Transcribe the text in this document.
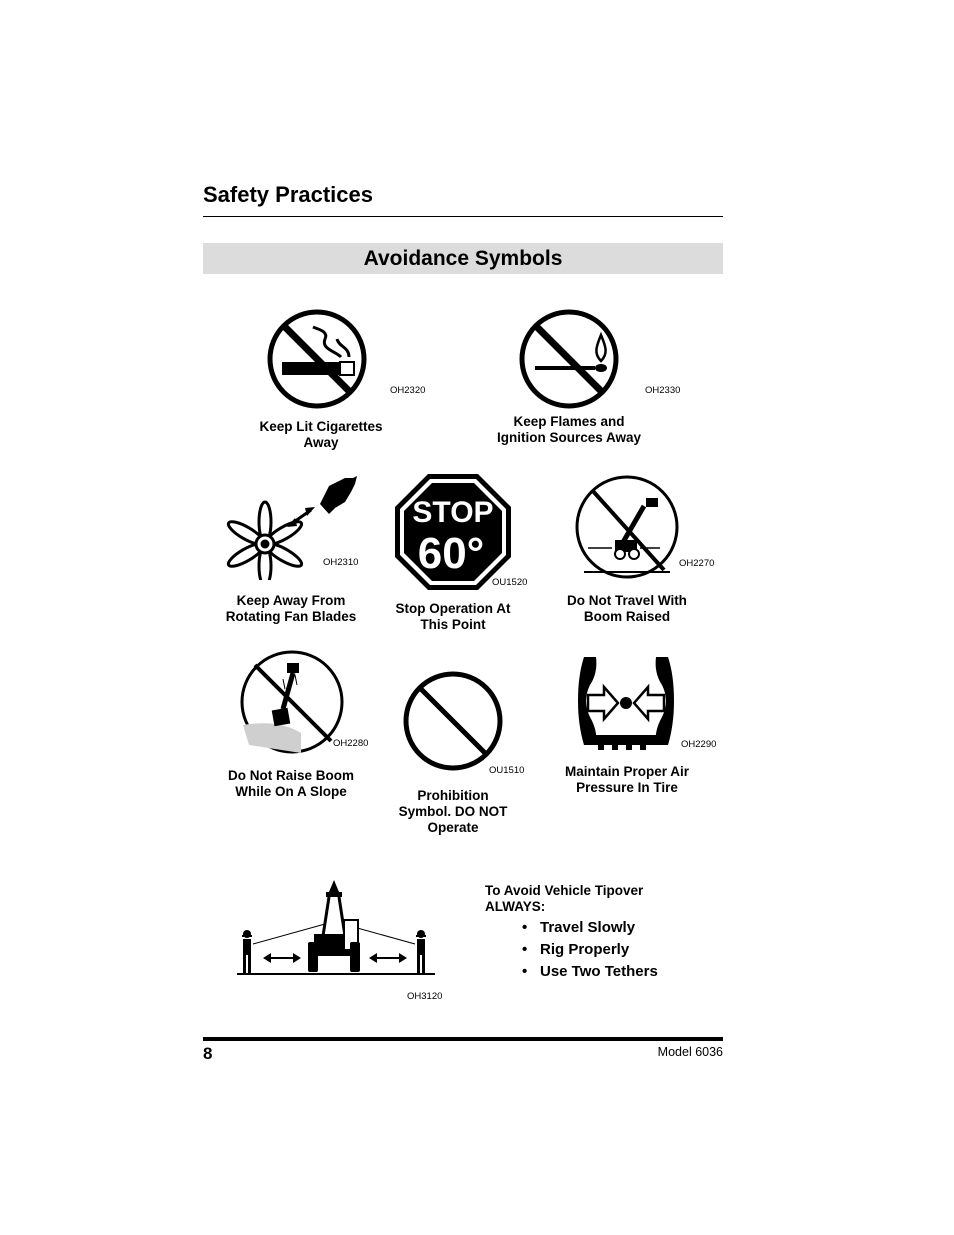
Safety Practices
Avoidance Symbols
OH2320
Keep Lit Cigarettes
Away
OH2330
Keep Flames and
Ignition Sources Away
OH2310
Keep Away From
Rotating Fan Blades
STOP
60°
OU1520
Stop Operation At
This Point
OH2270
Do Not Travel With
Boom Raised
OH2280
Do Not Raise Boom
While On A Slope
OU1510
Prohibition
Symbol. DO NOT
Operate
OH2290
Maintain Proper Air
Pressure In Tire
OH3120
To Avoid Vehicle Tipover
ALWAYS:
• Travel Slowly
• Rig Properly
• Use Two Tethers
8	Model 6036
